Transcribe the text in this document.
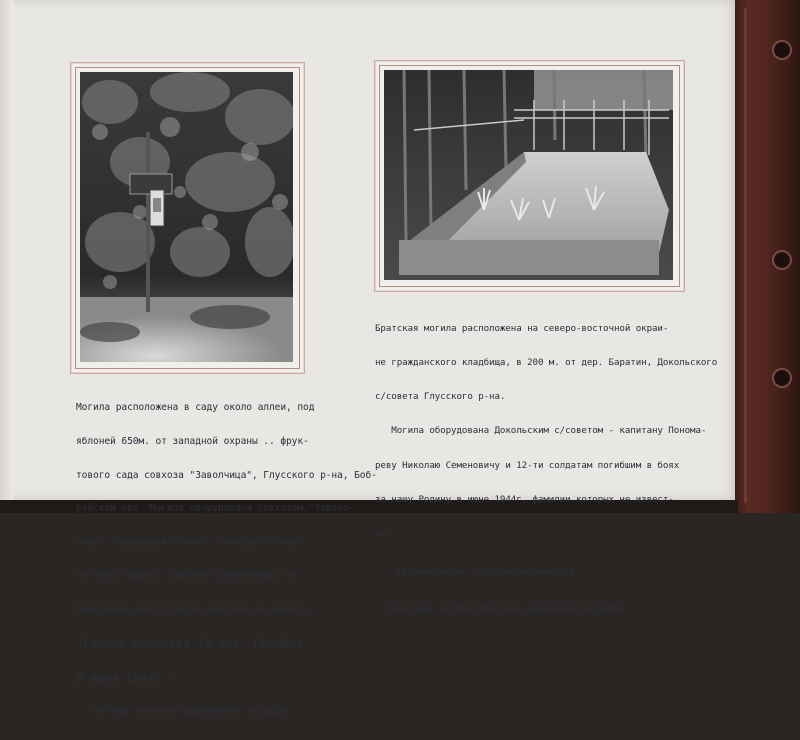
Могила расположена в саду около аллеи, под

яблоней 650м. от западной охраны .. фрук-

тового сада совхоза "Заволчица", Глусского р-на, Боб-

руйской обл. Могила оборудована совхозом "Заволо-

чица"- Новалевой Галине, погибшей в боях

за нашу Родину. Памятник деревянный, на

памятнике имеется фото-карточка и надпись:

"Галина Новалева 19 лет. Погибла

8 июня 1944г."

Могила обнесена деревянной оградой.

Братская могила расположена на северо-восточной окраи-

не гражданского кладбища, в 200 м. от дер. Баратин, Докольского

с/совета Глусского р-на.

Могила оборудована Докольским с/советом - капитану Понома-

реву Николаю Семеновичу и 12-ти солдатам погибшим в боях

за нашу Родину в июне 1944г, фамилии которых не извест-

ны.

На памятниках надписей не имеется.

Братская могила обнесена деревянной оградой.
